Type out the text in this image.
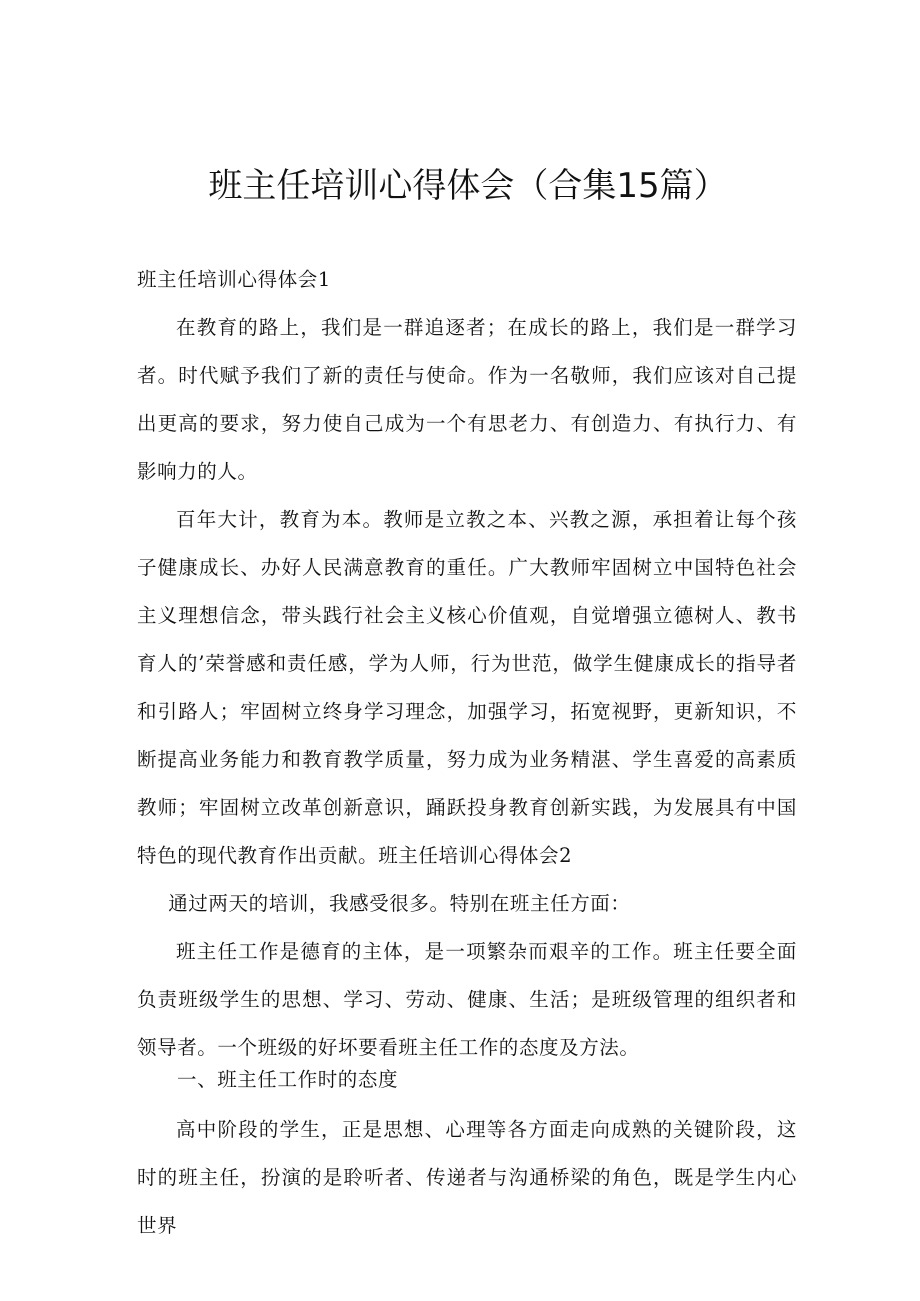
班主任培训心得体会（合集15篇）

班主任培训心得体会1

在教育的路上，我们是一群追逐者；在成长的路上，我们是一群学习者。时代赋予我们了新的责任与使命。作为一名敬师，我们应该对自己提出更高的要求，努力使自己成为一个有思老力、有创造力、有执行力、有影响力的人。

百年大计，教育为本。教师是立教之本、兴教之源，承担着让每个孩子健康成长、办好人民满意教育的重任。广大教师牢固树立中国特色社会主义理想信念，带头践行社会主义核心价值观，自觉增强立德树人、教书育人的’荣誉感和责任感，学为人师，行为世范，做学生健康成长的指导者和引路人；牢固树立终身学习理念，加强学习，拓宽视野，更新知识，不断提高业务能力和教育教学质量，努力成为业务精湛、学生喜爱的高素质教师；牢固树立改革创新意识，踊跃投身教育创新实践，为发展具有中国特色的现代教育作出贡献。班主任培训心得体会2

通过两天的培训，我感受很多。特别在班主任方面：

班主任工作是德育的主体，是一项繁杂而艰辛的工作。班主任要全面负责班级学生的思想、学习、劳动、健康、生活；是班级管理的组织者和领导者。一个班级的好坏要看班主任工作的态度及方法。

一、班主任工作时的态度

高中阶段的学生，正是思想、心理等各方面走向成熟的关键阶段，这时的班主任，扮演的是聆听者、传递者与沟通桥梁的角色，既是学生内心世界
